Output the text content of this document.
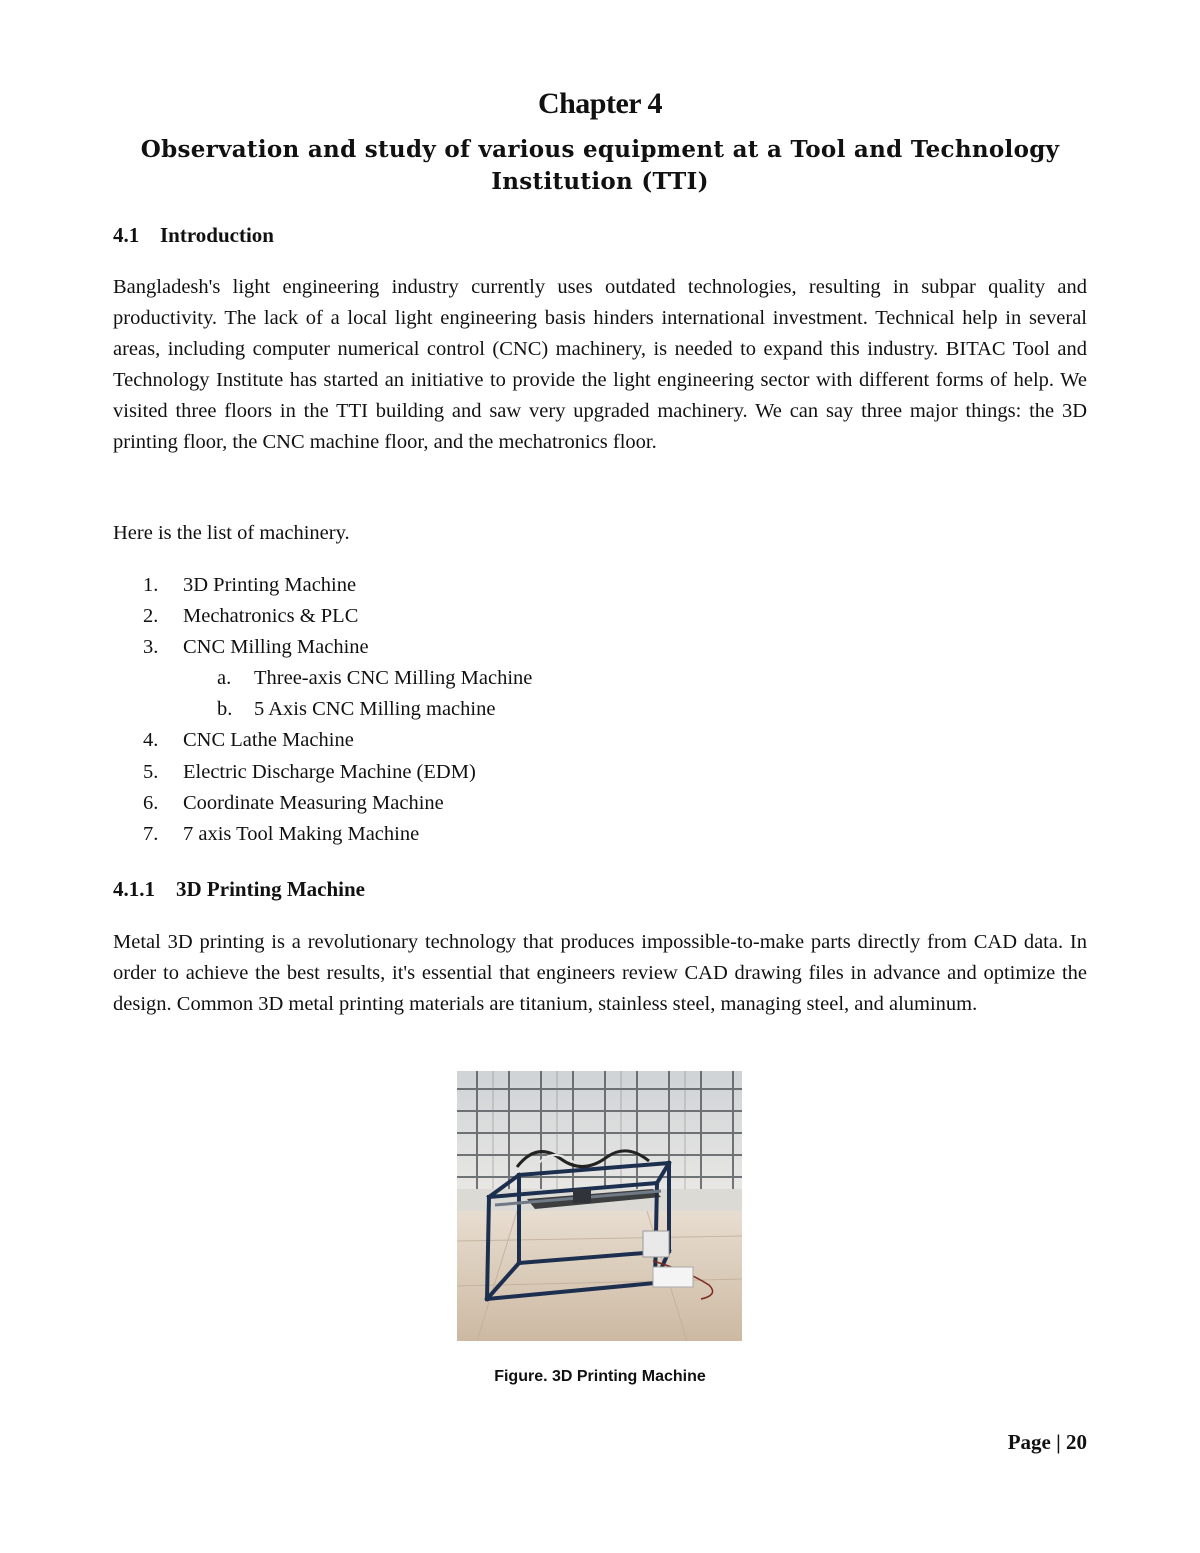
Chapter 4
Observation and study of various equipment at a Tool and Technology Institution (TTI)
4.1 Introduction

Bangladesh's light engineering industry currently uses outdated technologies, resulting in subpar quality and productivity. The lack of a local light engineering basis hinders international investment. Technical help in several areas, including computer numerical control (CNC) machinery, is needed to expand this industry. BITAC Tool and Technology Institute has started an initiative to provide the light engineering sector with different forms of help. We visited three floors in the TTI building and saw very upgraded machinery. We can say three major things: the 3D printing floor, the CNC machine floor, and the mechatronics floor.

Here is the list of machinery.

1. 3D Printing Machine
2. Mechatronics & PLC
3. CNC Milling Machine
a. Three-axis CNC Milling Machine
b. 5 Axis CNC Milling machine
4. CNC Lathe Machine
5. Electric Discharge Machine (EDM)
6. Coordinate Measuring Machine
7. 7 axis Tool Making Machine
4.1.1 3D Printing Machine

Metal 3D printing is a revolutionary technology that produces impossible-to-make parts directly from CAD data. In order to achieve the best results, it's essential that engineers review CAD drawing files in advance and optimize the design. Common 3D metal printing materials are titanium, stainless steel, managing steel, and aluminum.

Figure. 3D Printing Machine
Page | 20
